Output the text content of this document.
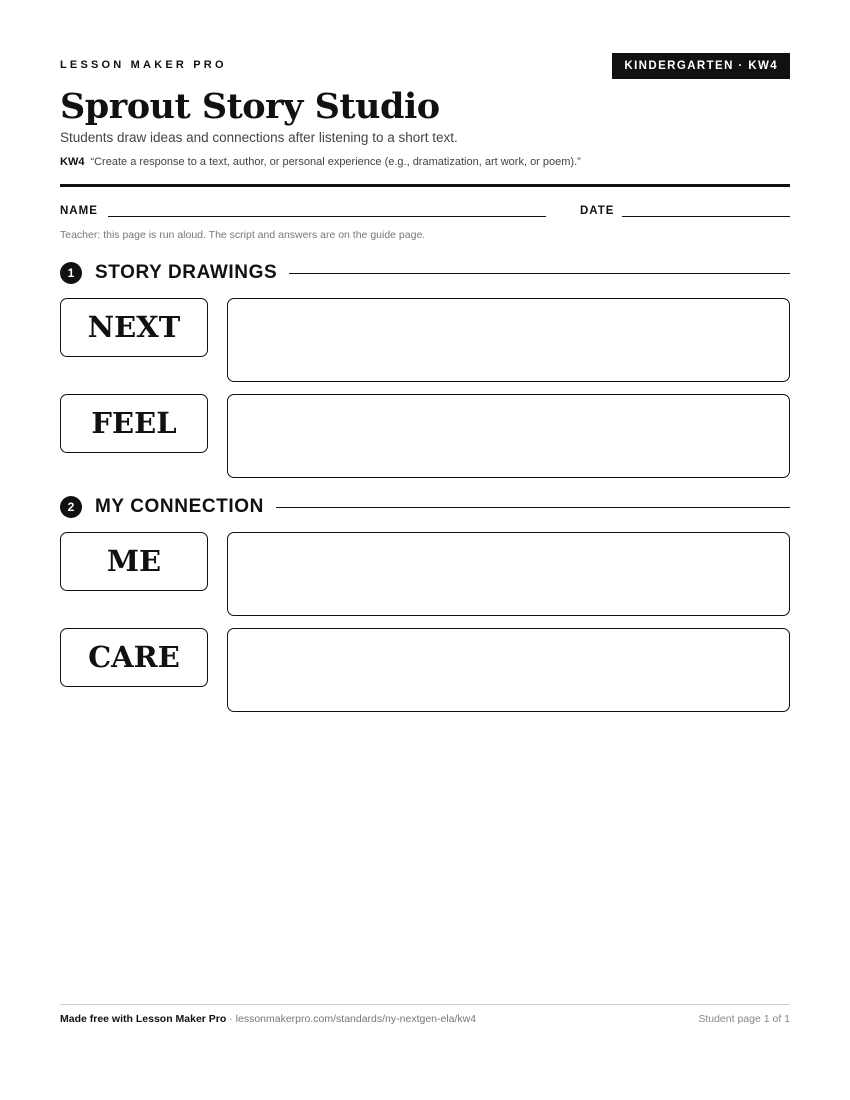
LESSON MAKER PRO	KINDERGARTEN · KW4
Sprout Story Studio
Students draw ideas and connections after listening to a short text.
KW4 “Create a response to a text, author, or personal experience (e.g., dramatization, art work, or poem).”
NAME	DATE
Teacher: this page is run aloud. The script and answers are on the guide page.
1	STORY DRAWINGS
NEXT
FEEL
2	MY CONNECTION
ME
CARE
Made free with Lesson Maker Pro · lessonmakerpro.com/standards/ny-nextgen-ela/kw4	Student page 1 of 1
